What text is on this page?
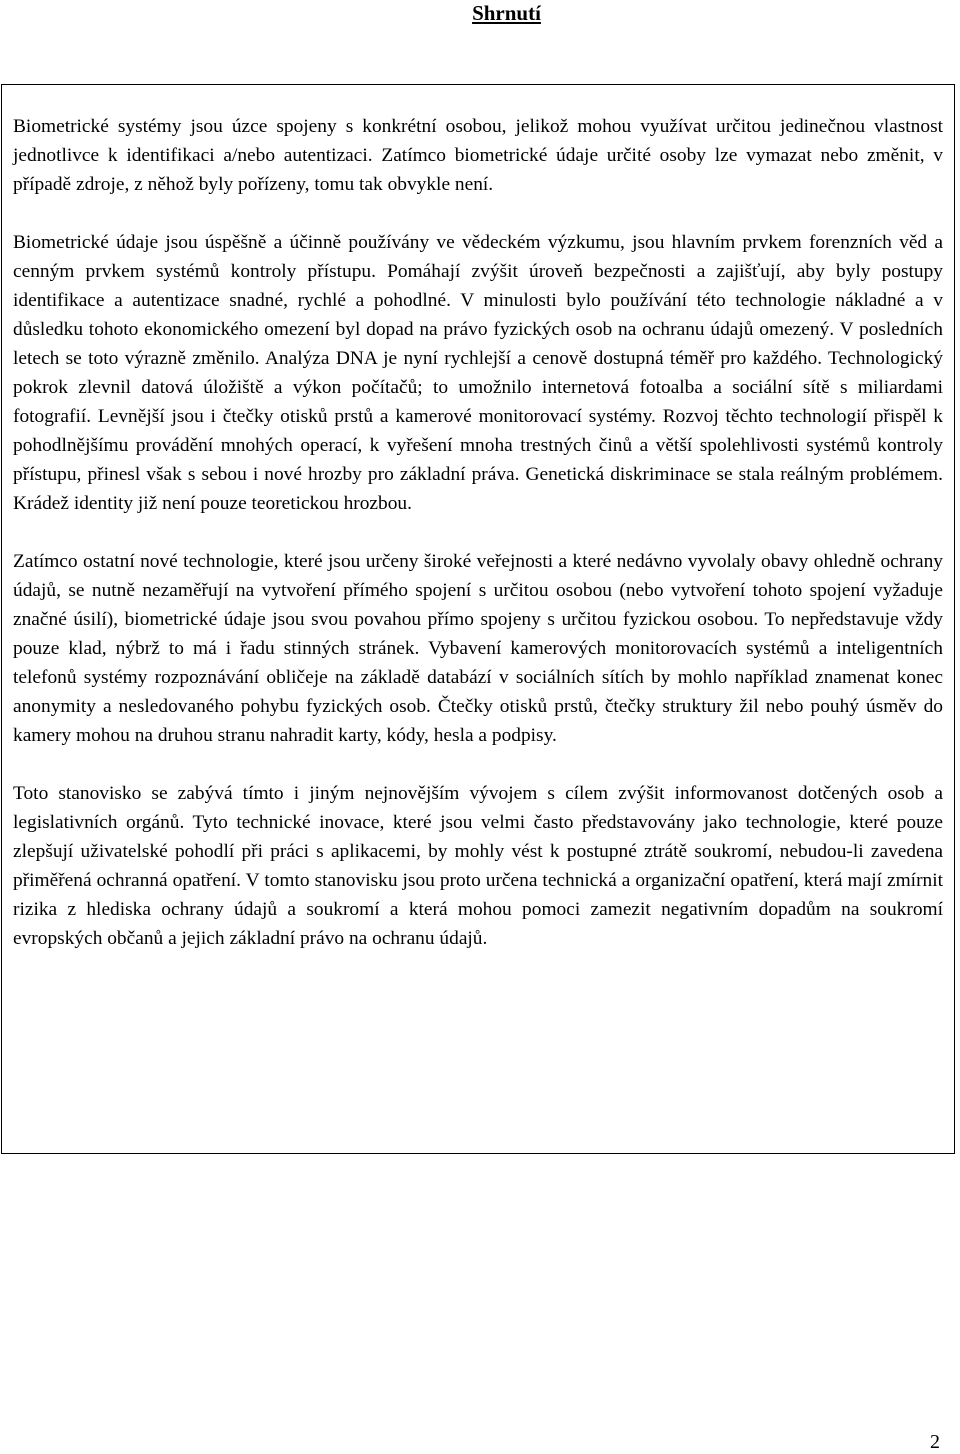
Shrnutí

Biometrické systémy jsou úzce spojeny s konkrétní osobou, jelikož mohou využívat určitou jedinečnou vlastnost jednotlivce k identifikaci a/nebo autentizaci. Zatímco biometrické údaje určité osoby lze vymazat nebo změnit, v případě zdroje, z něhož byly pořízeny, tomu tak obvykle není.

Biometrické údaje jsou úspěšně a účinně používány ve vědeckém výzkumu, jsou hlavním prvkem forenzních věd a cenným prvkem systémů kontroly přístupu. Pomáhají zvýšit úroveň bezpečnosti a zajišťují, aby byly postupy identifikace a autentizace snadné, rychlé a pohodlné. V minulosti bylo používání této technologie nákladné a v důsledku tohoto ekonomického omezení byl dopad na právo fyzických osob na ochranu údajů omezený. V posledních letech se toto výrazně změnilo. Analýza DNA je nyní rychlejší a cenově dostupná téměř pro každého. Technologický pokrok zlevnil datová úložiště a výkon počítačů; to umožnilo internetová fotoalba a sociální sítě s miliardami fotografií. Levnější jsou i čtečky otisků prstů a kamerové monitorovací systémy. Rozvoj těchto technologií přispěl k pohodlnějšímu provádění mnohých operací, k vyřešení mnoha trestných činů a větší spolehlivosti systémů kontroly přístupu, přinesl však s sebou i nové hrozby pro základní práva. Genetická diskriminace se stala reálným problémem. Krádež identity již není pouze teoretickou hrozbou.

Zatímco ostatní nové technologie, které jsou určeny široké veřejnosti a které nedávno vyvolaly obavy ohledně ochrany údajů, se nutně nezaměřují na vytvoření přímého spojení s určitou osobou (nebo vytvoření tohoto spojení vyžaduje značné úsilí), biometrické údaje jsou svou povahou přímo spojeny s určitou fyzickou osobou. To nepředstavuje vždy pouze klad, nýbrž to má i řadu stinných stránek. Vybavení kamerových monitorovacích systémů a inteligentních telefonů systémy rozpoznávání obličeje na základě databází v sociálních sítích by mohlo například znamenat konec anonymity a nesledovaného pohybu fyzických osob. Čtečky otisků prstů, čtečky struktury žil nebo pouhý úsměv do kamery mohou na druhou stranu nahradit karty, kódy, hesla a podpisy.

Toto stanovisko se zabývá tímto i jiným nejnovějším vývojem s cílem zvýšit informovanost dotčených osob a legislativních orgánů. Tyto technické inovace, které jsou velmi často představovány jako technologie, které pouze zlepšují uživatelské pohodlí při práci s aplikacemi, by mohly vést k postupné ztrátě soukromí, nebudou-li zavedena přiměřená ochranná opatření. V tomto stanovisku jsou proto určena technická a organizační opatření, která mají zmírnit rizika z hlediska ochrany údajů a soukromí a která mohou pomoci zamezit negativním dopadům na soukromí evropských občanů a jejich základní právo na ochranu údajů.

2
